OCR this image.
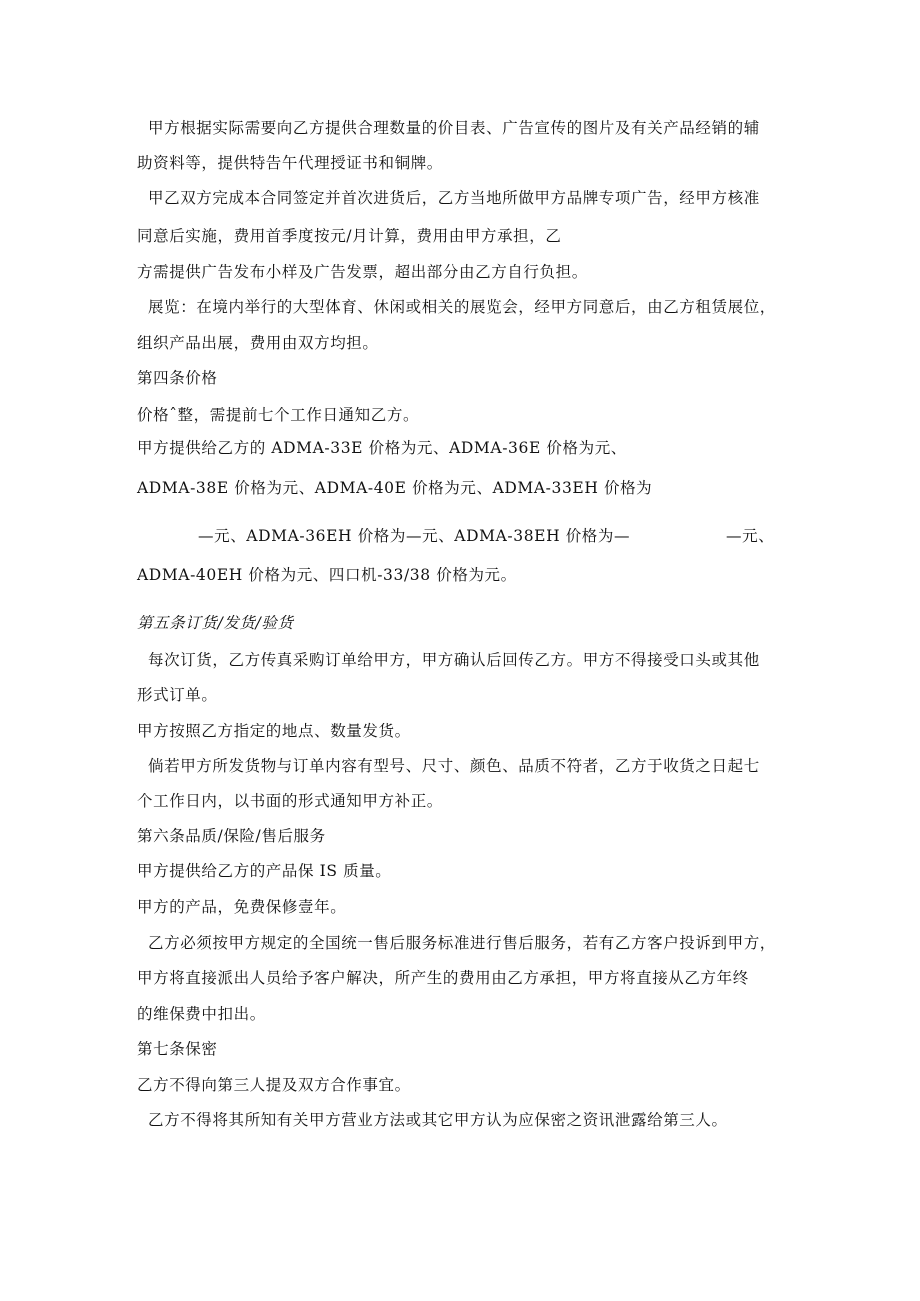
甲方根据实际需要向乙方提供合理数量的价目表、广告宣传的图片及有关产品经销的辅
助资料等，提供特告午代理授证书和铜牌。
甲乙双方完成本合同签定并首次进货后，乙方当地所做甲方品牌专项广告，经甲方核准
同意后实施，费用首季度按元/月计算，费用由甲方承担，乙
方需提供广告发布小样及广告发票，超出部分由乙方自行负担。
展览：在境内举行的大型体育、休闲或相关的展览会，经甲方同意后，由乙方租赁展位，
组织产品出展，费用由双方均担。
第四条价格
价格ˆ整，需提前七个工作日通知乙方。
甲方提供给乙方的 ADMA-33E 价格为元、ADMA-36E 价格为元、
ADMA-38E 价格为元、ADMA-40E 价格为元、ADMA-33EH 价格为
—元、ADMA-36EH 价格为—元、ADMA-38EH 价格为—	—元、
ADMA-40EH 价格为元、四口机-33/38 价格为元。
第五条订货/发货/验货
每次订货，乙方传真采购订单给甲方，甲方确认后回传乙方。甲方不得接受口头或其他
形式订单。
甲方按照乙方指定的地点、数量发货。
倘若甲方所发货物与订单内容有型号、尺寸、颜色、品质不符者，乙方于收货之日起七
个工作日内，以书面的形式通知甲方补正。
第六条品质/保险/售后服务
甲方提供给乙方的产品保 IS 质量。
甲方的产品，免费保修壹年。
乙方必须按甲方规定的全国统一售后服务标准进行售后服务，若有乙方客户投诉到甲方，
甲方将直接派出人员给予客户解决，所产生的费用由乙方承担，甲方将直接从乙方年终
的维保费中扣出。
第七条保密
乙方不得向第三人提及双方合作事宜。
乙方不得将其所知有关甲方营业方法或其它甲方认为应保密之资讯泄露给第三人。
